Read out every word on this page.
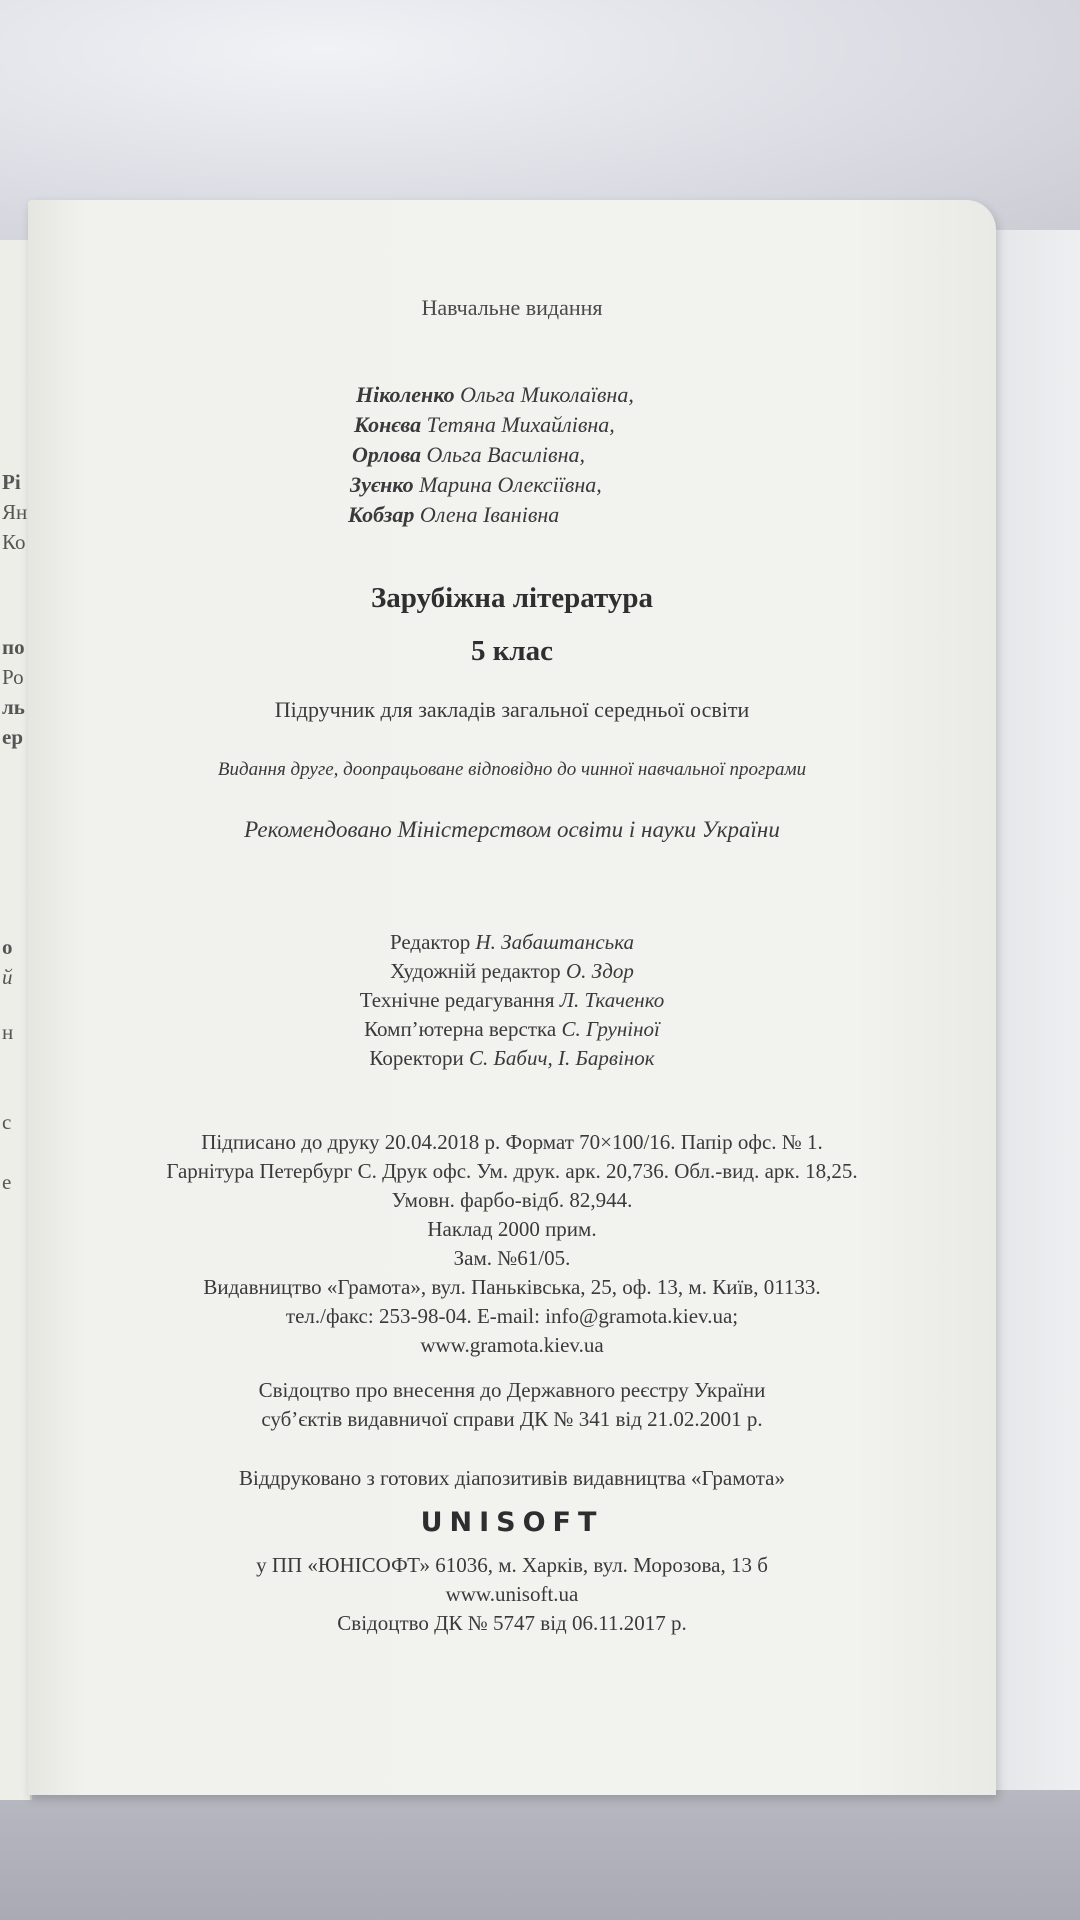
Рі
Ян
Ко
по
Ро
ль
ер
о
й
н
с
е
Навчальне видання
Ніколенко Ольга Миколаївна,
Конєва Тетяна Михайлівна,
Орлова Ольга Василівна,
Зуєнко Марина Олексіївна,
Кобзар Олена Іванівна
Зарубіжна література
5 клас
Підручник для закладів загальної середньої освіти
Видання друге, доопрацьоване відповідно до чинної навчальної програми
Рекомендовано Міністерством освіти і науки України
Редактор Н. Забаштанська
Художній редактор О. Здор
Технічне редагування Л. Ткаченко
Комп’ютерна верстка С. Груніної
Коректори С. Бабич, І. Барвінок
Підписано до друку 20.04.2018 р. Формат 70×100/16. Папір офс. № 1.
Гарнітура Петербург С. Друк офс. Ум. друк. арк. 20,736. Обл.-вид. арк. 18,25.
Умовн. фарбо-відб. 82,944.
Наклад 2000 прим.
Зам. №61/05.
Видавництво «Грамота», вул. Паньківська, 25, оф. 13, м. Київ, 01133.
тел./факс: 253-98-04. E-mail: info@gramota.kiev.ua;
www.gramota.kiev.ua
Свідоцтво про внесення до Державного реєстру України
суб’єктів видавничої справи ДК № 341 від 21.02.2001 р.
Віддруковано з готових діапозитивів видавництва «Грамота»
UNISOFT
у ПП «ЮНІСОФТ» 61036, м. Харків, вул. Морозова, 13 б
www.unisoft.ua
Свідоцтво ДК № 5747 від 06.11.2017 р.
